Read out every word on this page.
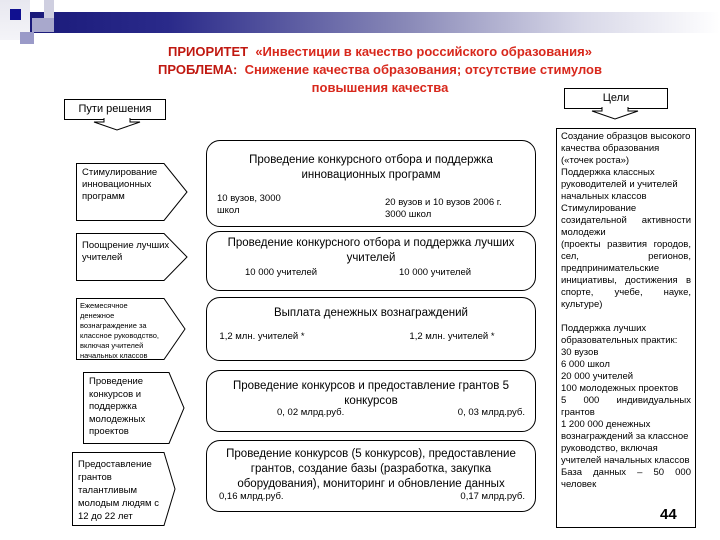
ПРИОРИТЕТ «Инвестиции в качество российского образования»
ПРОБЛЕМА: Снижение качества образования; отсутствие стимулов
повышения качества
Пути решения
Цели
Стимулирование инновационных программ
Поощрение лучших учителей
Ежемесячное денежное вознаграждение за классное руководство, включая учителей начальных классов
Проведение конкурсов и поддержка молодежных проектов
Предоставление грантов талантливым молодым людям с 12 до 22 лет
Проведение конкурсного отбора и поддержка инновационных программ
10 вузов, 3000 школ
20 вузов и 10 вузов 2006 г. 3000 школ
Проведение конкурсного отбора и поддержка лучших учителей
10 000 учителей	10 000 учителей
Выплата денежных вознаграждений
1,2 млн. учителей *	1,2 млн. учителей *
Проведение конкурсов и предоставление грантов 5 конкурсов
0, 02 млрд.руб.	0, 03 млрд.руб.
Проведение конкурсов (5 конкурсов), предоставление грантов, создание базы (разработка, закупка оборудования), мониторинг и обновление данных
0,16 млрд.руб.	0,17 млрд.руб.

Создание образцов высокого качества образования («точек роста»)

Поддержка классных руководителей и учителей начальных классов

Стимулирование созидательной активности молодежи

(проекты развития городов, сел, регионов, предпринимательские инициативы, достижения в спорте, учебе, науке, культуре)

Поддержка лучших образовательных практик:

30 вузов

6 000 школ

20 000 учителей

100 молодежных проектов

5 000 индивидуальных грантов

1 200 000 денежных вознаграждений за классное руководство, включая учителей начальных классов

База данных – 50 000 человек

44
